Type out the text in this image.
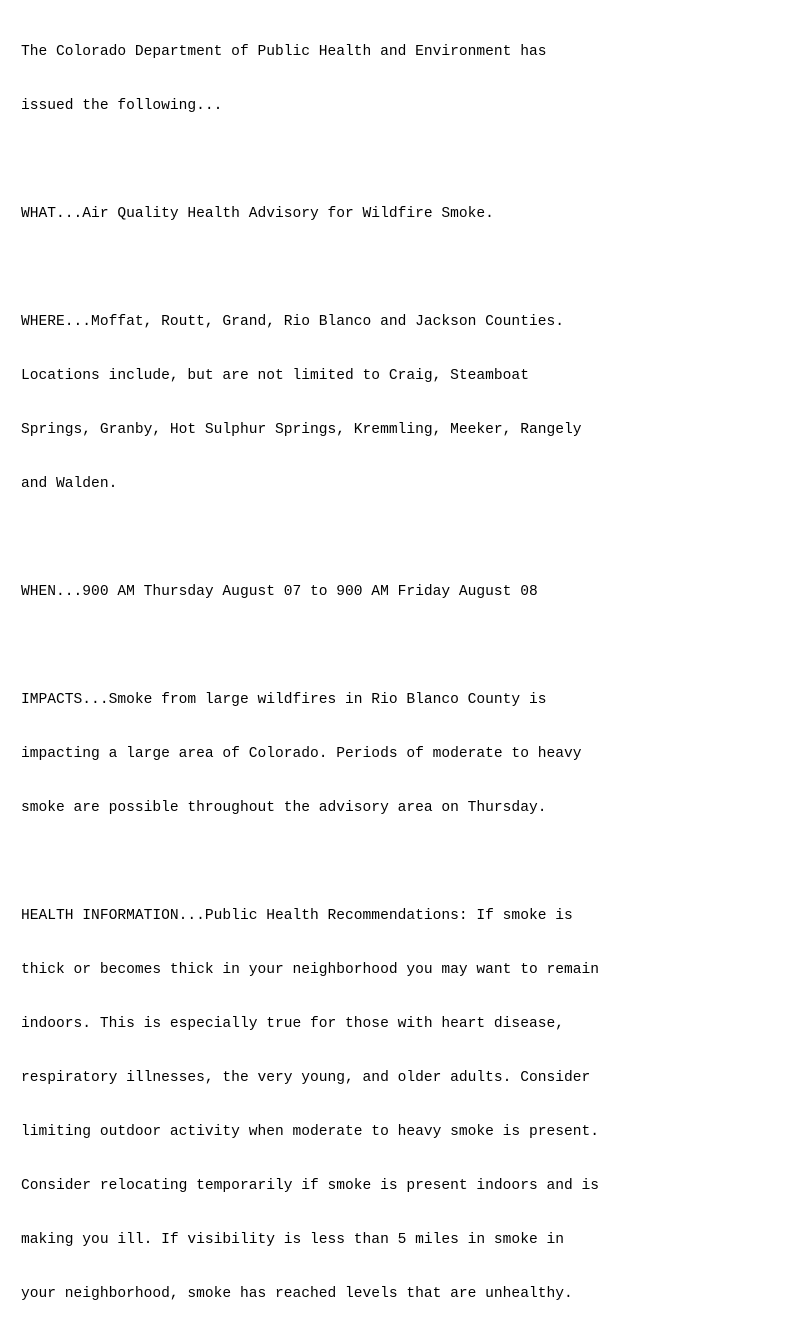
The Colorado Department of Public Health and Environment has

issued the following...

WHAT...Air Quality Health Advisory for Wildfire Smoke.

WHERE...Moffat, Routt, Grand, Rio Blanco and Jackson Counties.

Locations include, but are not limited to Craig, Steamboat

Springs, Granby, Hot Sulphur Springs, Kremmling, Meeker, Rangely

and Walden.

WHEN...900 AM Thursday August 07 to 900 AM Friday August 08

IMPACTS...Smoke from large wildfires in Rio Blanco County is

impacting a large area of Colorado. Periods of moderate to heavy

smoke are possible throughout the advisory area on Thursday.

HEALTH INFORMATION...Public Health Recommendations: If smoke is

thick or becomes thick in your neighborhood you may want to remain

indoors. This is especially true for those with heart disease,

respiratory illnesses, the very young, and older adults. Consider

limiting outdoor activity when moderate to heavy smoke is present.

Consider relocating temporarily if smoke is present indoors and is

making you ill. If visibility is less than 5 miles in smoke in

your neighborhood, smoke has reached levels that are unhealthy.
